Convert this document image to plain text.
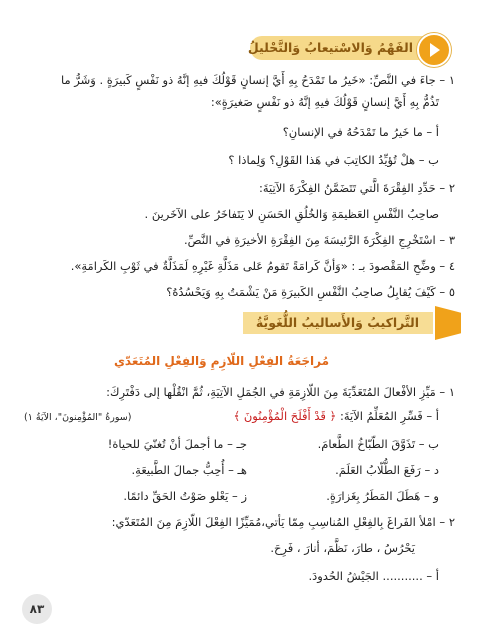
الفَهْمُ وَالاسْتيعابُ وَالتَّحْليلُ
١ – جاءَ في النَّصِّ: «خَيرُ ما تَمْدَحُ بِهِ أَيَّ إنسانٍ قَوْلُكَ فيهِ إنَّهُ ذو نَفْسٍ كَبيرَةٍ . وَشَرُّ ما
تَذُمُّ بِهِ أَيَّ إنسانٍ قَوْلُكَ فيهِ إنَّهُ ذو نَفْسٍ صَغيرَةٍ»:
أ – ما خَيرُ ما تَمْدَحُهُ في الإنسانِ؟
ب – هلْ تُؤيِّدُ الكاتِبَ في هَذا القَوْلِ؟ وَلِماذا ؟
٢ – حَدِّدِ الفِقْرَةَ الَّتي تَتَضَمَّنُ الفِكْرَةَ الآتِيَةَ:
صاحِبُ النَّفْسِ العَظيمَةِ وَالخُلُقِ الحَسَنِ لا يَتَفاخَرُ على الآخَرينَ .
٣ – اسْتَخْرِجِ الفِكْرَةَ الرَّئيسَةَ مِنَ الفِقْرَةِ الأخيرَةِ في النَّصِّ.
٤ – وضِّحِ المَقْصودَ بـ : «وَأنَّ كَرامَةً تَقومُ عَلى مَذَلَّةِ غَيْرِهِ لَمَذَلَّةٌ في ثَوْبِ الكَرامَةِ».
٥ – كَيْفَ يُقابِلُ صاحِبُ النَّفْسِ الكَبيرَةِ مَنْ يَشْمَتُ بِهِ وَيَحْسُدُهُ؟
التَّراكيبُ وَالأَساليبُ اللُّغَويَّةُ
مُراجَعَةُ الفِعْلِ اللّازِمِ وَالفِعْلِ المُتَعَدّي
١ – مَيِّزِ الأفْعالَ المُتَعَدِّيَةَ مِنَ اللّازِمَةِ في الجُمَلِ الآتِيَةِ، ثُمَّ انْقُلْها إلى دَفْتَرِكَ:
أ – فَسِّرِ المُعَلِّمُ الآيَةَ: ﴿ قَدْ أَفْلَحَ الْمُؤْمِنُونَ ﴾
(سورةُ "المُؤْمِنونَ"، الآيَةُ ١)
ب – تَذَوَّقَ الطّبّاخُ الطَّعامَ.
جـ – ما أجملَ أنْ تُغنّيَ للحياة!
د – رَفَعَ الطُّلّابُ العَلَمَ.
هـ – أُحِبُّ جمالَ الطَّبيعَةِ.
و – هَطَلَ المَطَرُ بِغَزارَةٍ.
ز – يَعْلو صَوْتُ الحَقِّ دائمًا.
٢ – امْلأ الفَراغَ بِالفِعْلِ المُناسِبِ مِمّا يَأتي،مُمَيِّزًا الفِعْلَ اللّازِمَ مِنَ المُتَعَدّي:
يَحْرُسُ ، طارَ، نَظَّمَ، أنارَ ، فَرِحَ.
أ – ........... الجَيْشُ الحُدودَ.
٨٣
